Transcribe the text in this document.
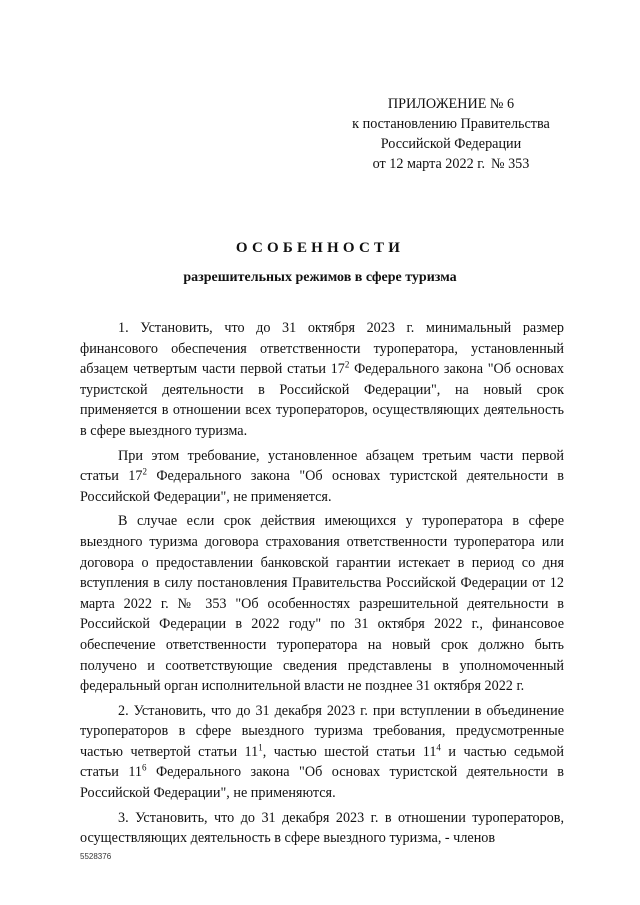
ПРИЛОЖЕНИЕ № 6
к постановлению Правительства
Российской Федерации
от 12 марта 2022 г. № 353
ОСОБЕННОСТИ
разрешительных режимов в сфере туризма

1. Установить, что до 31 октября 2023 г. минимальный размер финансового обеспечения ответственности туроператора, установленный абзацем четвертым части первой статьи $17^2$ Федерального закона "Об основах туристской деятельности в Российской Федерации", на новый срок применяется в отношении всех туроператоров, осуществляющих деятельность в сфере выездного туризма.

При этом требование, установленное абзацем третьим части первой статьи $17^2$ Федерального закона "Об основах туристской деятельности в Российской Федерации", не применяется.

В случае если срок действия имеющихся у туроператора в сфере выездного туризма договора страхования ответственности туроператора или договора о предоставлении банковской гарантии истекает в период со дня вступления в силу постановления Правительства Российской Федерации от 12 марта 2022 г. № 353 "Об особенностях разрешительной деятельности в Российской Федерации в 2022 году" по 31 октября 2022 г., финансовое обеспечение ответственности туроператора на новый срок должно быть получено и соответствующие сведения представлены в уполномоченный федеральный орган исполнительной власти не позднее 31 октября 2022 г.

2. Установить, что до 31 декабря 2023 г. при вступлении в объединение туроператоров в сфере выездного туризма требования, предусмотренные частью четвертой статьи $11^1$, частью шестой статьи $11^4$ и частью седьмой статьи $11^6$ Федерального закона "Об основах туристской деятельности в Российской Федерации", не применяются.

3. Установить, что до 31 декабря 2023 г. в отношении туроператоров, осуществляющих деятельность в сфере выездного туризма, - членов

5528376
